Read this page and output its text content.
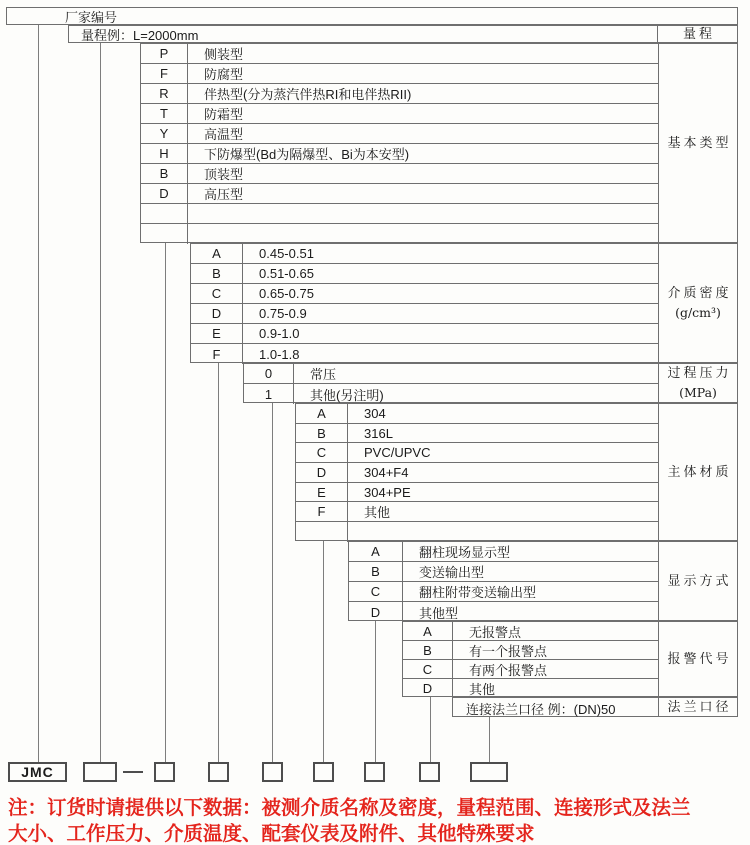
厂家编号
量程例：L=2000mm	量程
JMC
注：订货时请提供以下数据：被测介质名称及密度，量程范围、连接形式及法兰
大小、工作压力、介质温度、配套仪表及附件、其他特殊要求
P	侧装型
F	防腐型
R	伴热型(分为蒸汽伴热RI和电伴热RII)
T	防霜型
Y	高温型
H	下防爆型(Bd为隔爆型、Bi为本安型)
B	顶装型
D	高压型
基本类型
A	0.45-0.51
B	0.51-0.65
C	0.65-0.75
D	0.75-0.9
E	0.9-1.0
F	1.0-1.8
介质密度
(g/cm³)
0	常压
1	其他(另注明)
过程压力
(MPa)
A	304
B	316L
C	PVC/UPVC
D	304+F4
E	304+PE
F	其他
主体材质
A	翻柱现场显示型
B	变送输出型
C	翻柱附带变送输出型
D	其他型
显示方式
A	无报警点
B	有一个报警点
C	有两个报警点
D	其他
报警代号
连接法兰口径 例：(DN)50	法兰口径
